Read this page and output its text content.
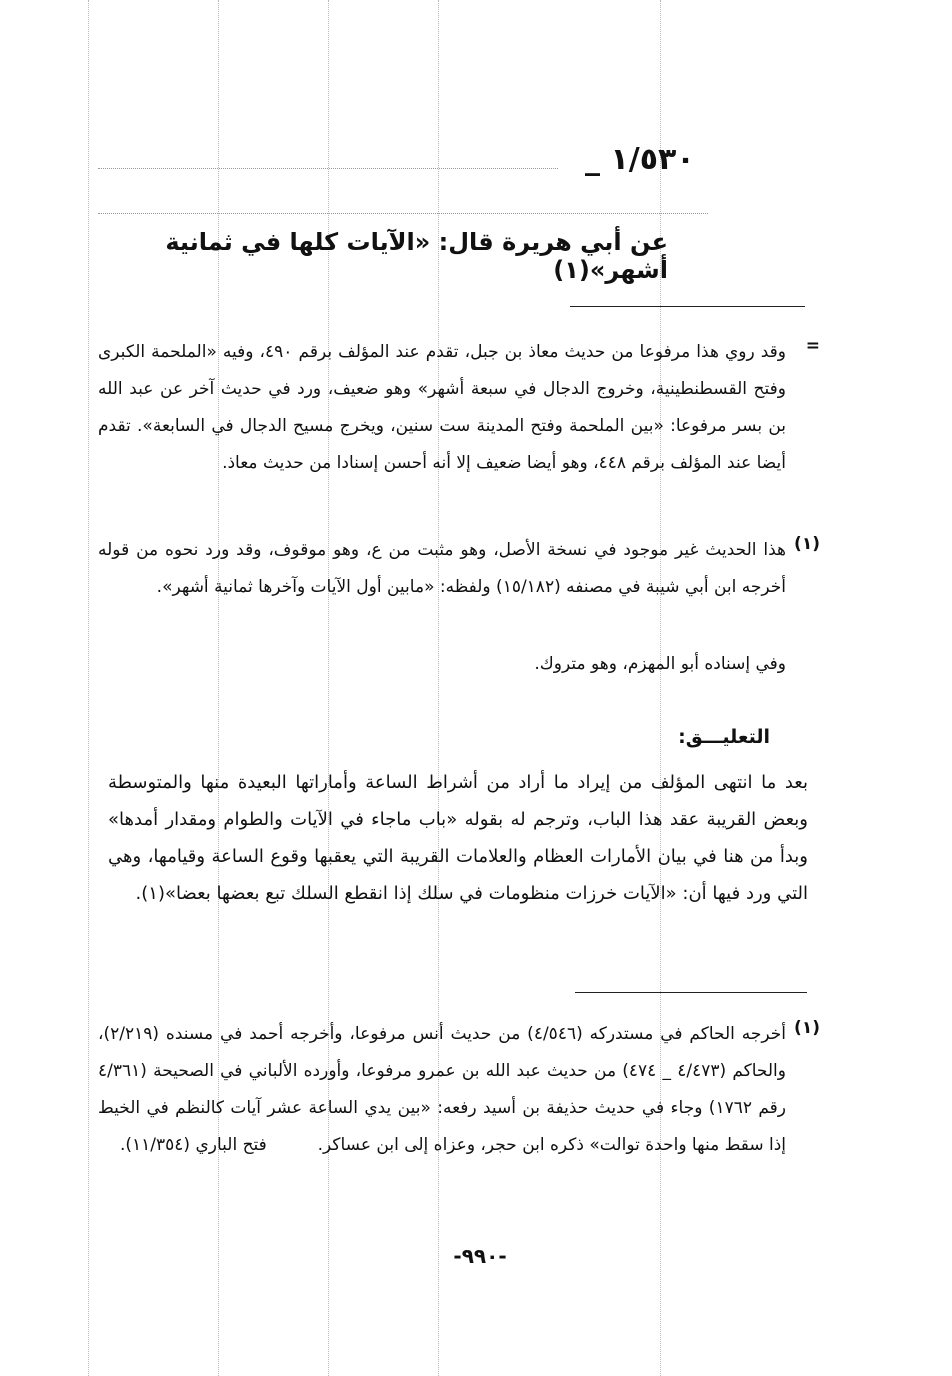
_ ١/٥٣٠
عن أبي هريرة قال: «الآيات كلها في ثمانية أشهر»(١)
=

وقد روي هذا مرفوعا من حديث معاذ بن جبل، تقدم عند المؤلف برقم ٤٩٠، وفيه «الملحمة الكبرى وفتح القسطنطينية، وخروج الدجال في سبعة أشهر» وهو ضعيف، ورد في حديث آخر عن عبد الله بن بسر مرفوعا: «بين الملحمة وفتح المدينة ست سنين، ويخرج مسيح الدجال في السابعة». تقدم أيضا عند المؤلف برقم ٤٤٨، وهو أيضا ضعيف إلا أنه أحسن إسنادا من حديث معاذ.

(١)

هذا الحديث غير موجود في نسخة الأصل، وهو مثبت من ع، وهو موقوف، وقد ورد نحوه من قوله أخرجه ابن أبي شيبة في مصنفه (١٥/١٨٢) ولفظه: «مابين أول الآيات وآخرها ثمانية أشهر».

وفي إسناده أبو المهزم، وهو متروك.

التعليـــق:

بعد ما انتهى المؤلف من إيراد ما أراد من أشراط الساعة وأماراتها البعيدة منها والمتوسطة وبعض القريبة عقد هذا الباب، وترجم له بقوله «باب ماجاء في الآيات والطوام ومقدار أمدها» وبدأ من هنا في بيان الأمارات العظام والعلامات القريبة التي يعقبها وقوع الساعة وقيامها، وهي التي ورد فيها أن: «الآيات خرزات منظومات في سلك إذا انقطع السلك تبع بعضها بعضا»(١).

(١)

أخرجه الحاكم في مستدركه (٤/٥٤٦) من حديث أنس مرفوعا، وأخرجه أحمد في مسنده (٢/٢١٩)، والحاكم (٤/٤٧٣ _ ٤٧٤) من حديث عبد الله بن عمرو مرفوعا، وأورده الألباني في الصحيحة (٤/٣٦١ رقم ١٧٦٢) وجاء في حديث حذيفة بن أسيد رفعه: «بين يدي الساعة عشر آيات كالنظم في الخيط إذا سقط منها واحدة توالت» ذكره ابن حجر، وعزاه إلى ابن عساكر.  فتح الباري (١١/٣٥٤).

-٩٩٠-
